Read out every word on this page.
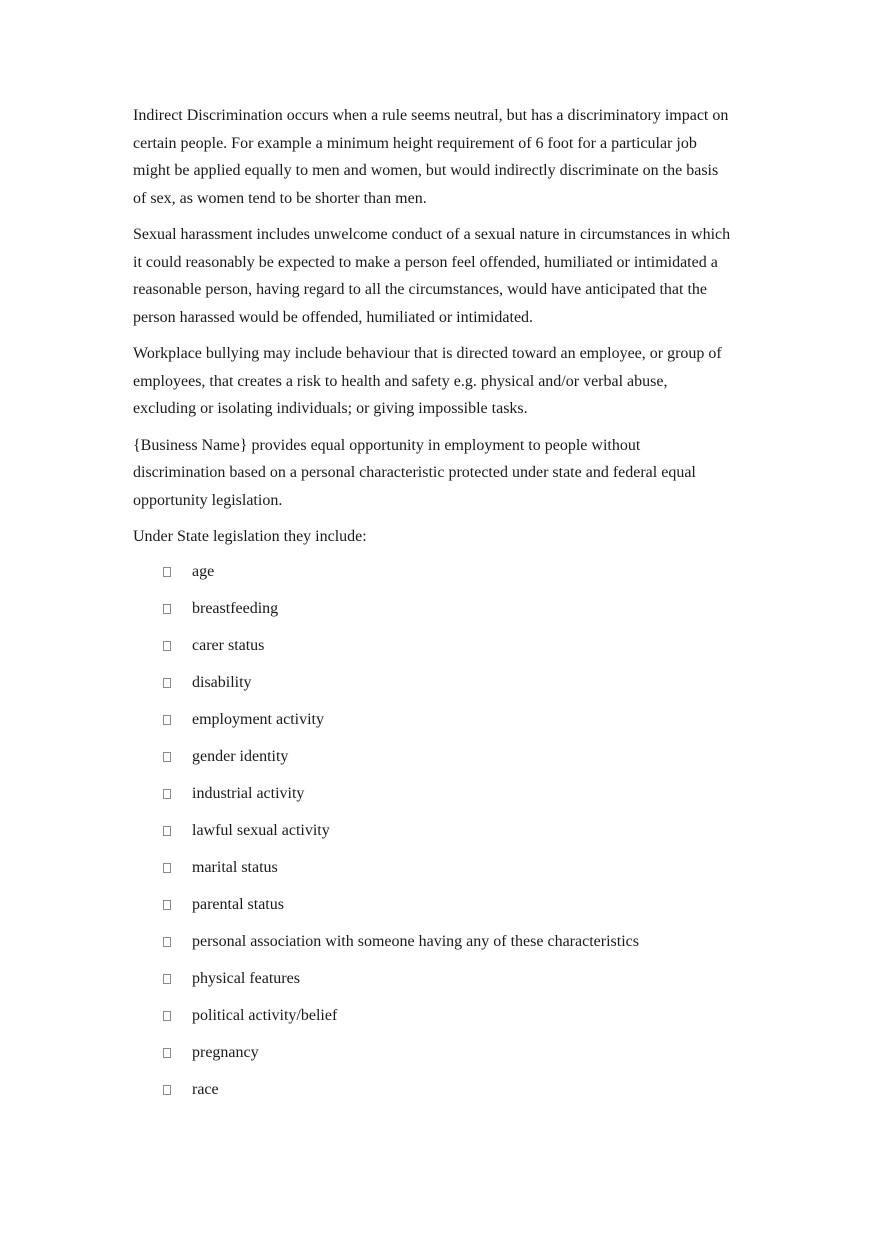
Indirect Discrimination occurs when a rule seems neutral, but has a discriminatory impact on certain people. For example a minimum height requirement of 6 foot for a particular job might be applied equally to men and women, but would indirectly discriminate on the basis of sex, as women tend to be shorter than men.

Sexual harassment includes unwelcome conduct of a sexual nature in circumstances in which it could reasonably be expected to make a person feel offended, humiliated or intimidated a reasonable person, having regard to all the circumstances, would have anticipated that the person harassed would be offended, humiliated or intimidated.

Workplace bullying may include behaviour that is directed toward an employee, or group of employees, that creates a risk to health and safety e.g. physical and/or verbal abuse, excluding or isolating individuals; or giving impossible tasks.

{Business Name} provides equal opportunity in employment to people without discrimination based on a personal characteristic protected under state and federal equal opportunity legislation.

Under State legislation they include:

age
breastfeeding
carer status
disability
employment activity
gender identity
industrial activity
lawful sexual activity
marital status
parental status
personal association with someone having any of these characteristics
physical features
political activity/belief
pregnancy
race
